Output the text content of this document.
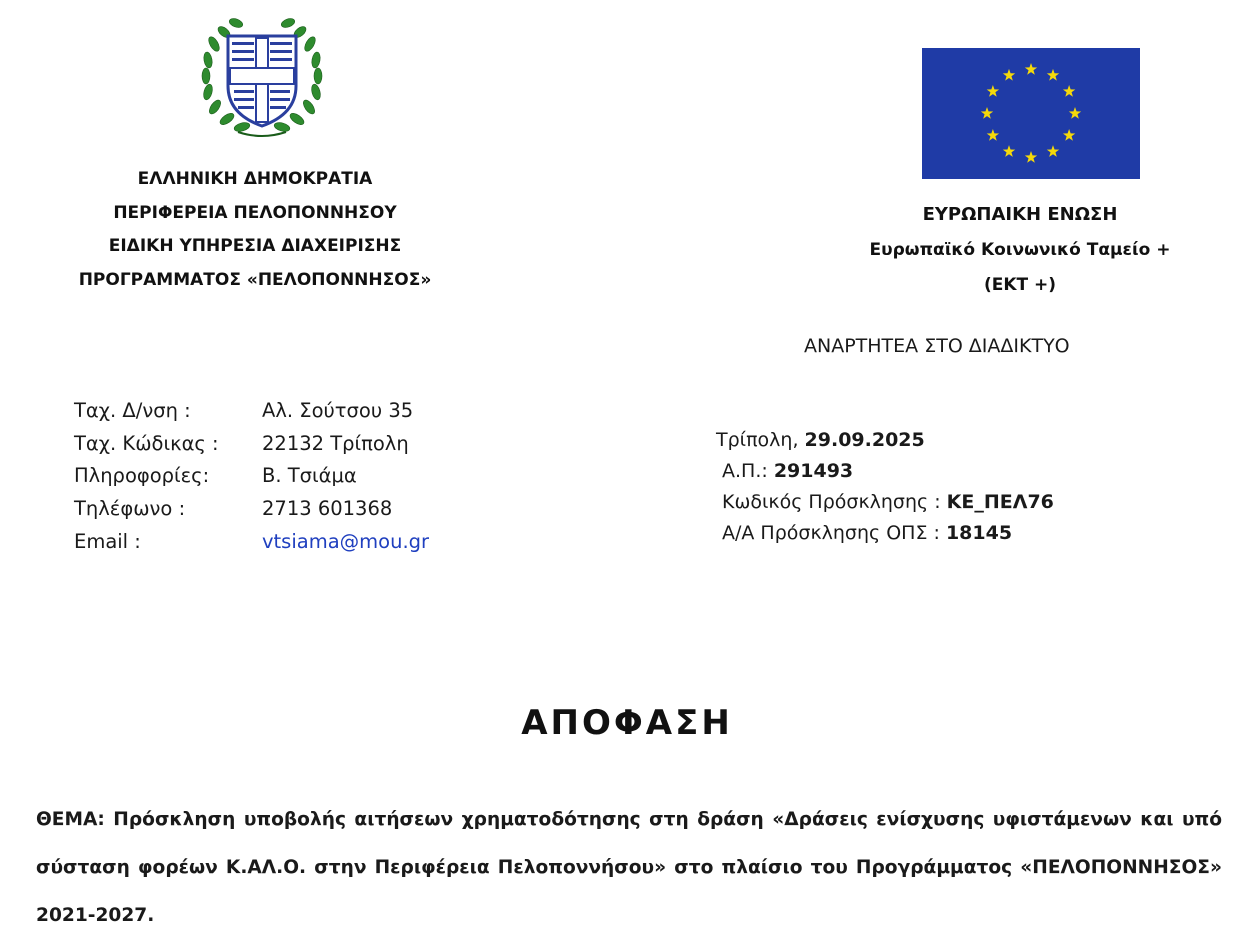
ΕΛΛΗΝΙΚΗ ΔΗΜΟΚΡΑΤΙΑ
ΠΕΡΙΦΕΡΕΙΑ ΠΕΛΟΠΟΝΝΗΣΟΥ
ΕΙΔΙΚΗ ΥΠΗΡΕΣΙΑ ΔΙΑΧΕΙΡΙΣΗΣ
ΠΡΟΓΡΑΜΜΑΤΟΣ «ΠΕΛΟΠΟΝΝΗΣΟΣ»
ΕΥΡΩΠΑΙΚΗ ΕΝΩΣΗ
Ευρωπαϊκό Κοινωνικό Ταμείο +
(ΕΚΤ +)
ΑΝΑΡΤΗΤΕΑ ΣΤΟ ΔΙΑΔΙΚΤΥΟ
Ταχ. Δ/νση :	Αλ. Σούτσου 35
Ταχ. Κώδικας : 22132 Τρίπολη
Πληροφορίες:	Β. Τσιάμα
Τηλέφωνο :	2713 601368
Email :	vtsiama@mou.gr
Τρίπολη, 29.09.2025
Α.Π.: 291493
Κωδικός Πρόσκλησης : ΚΕ_ΠΕΛ76
Α/Α Πρόσκλησης ΟΠΣ : 18145
ΑΠΟΦΑΣΗ
ΘΕΜΑ: Πρόσκληση υποβολής αιτήσεων χρηματοδότησης στη δράση «Δράσεις ενίσχυσης υφιστάμενων και υπό σύσταση φορέων Κ.ΑΛ.Ο. στην Περιφέρεια Πελοποννήσου» στο πλαίσιο του Προγράμματος «ΠΕΛΟΠΟΝΝΗΣΟΣ» 2021-2027.
